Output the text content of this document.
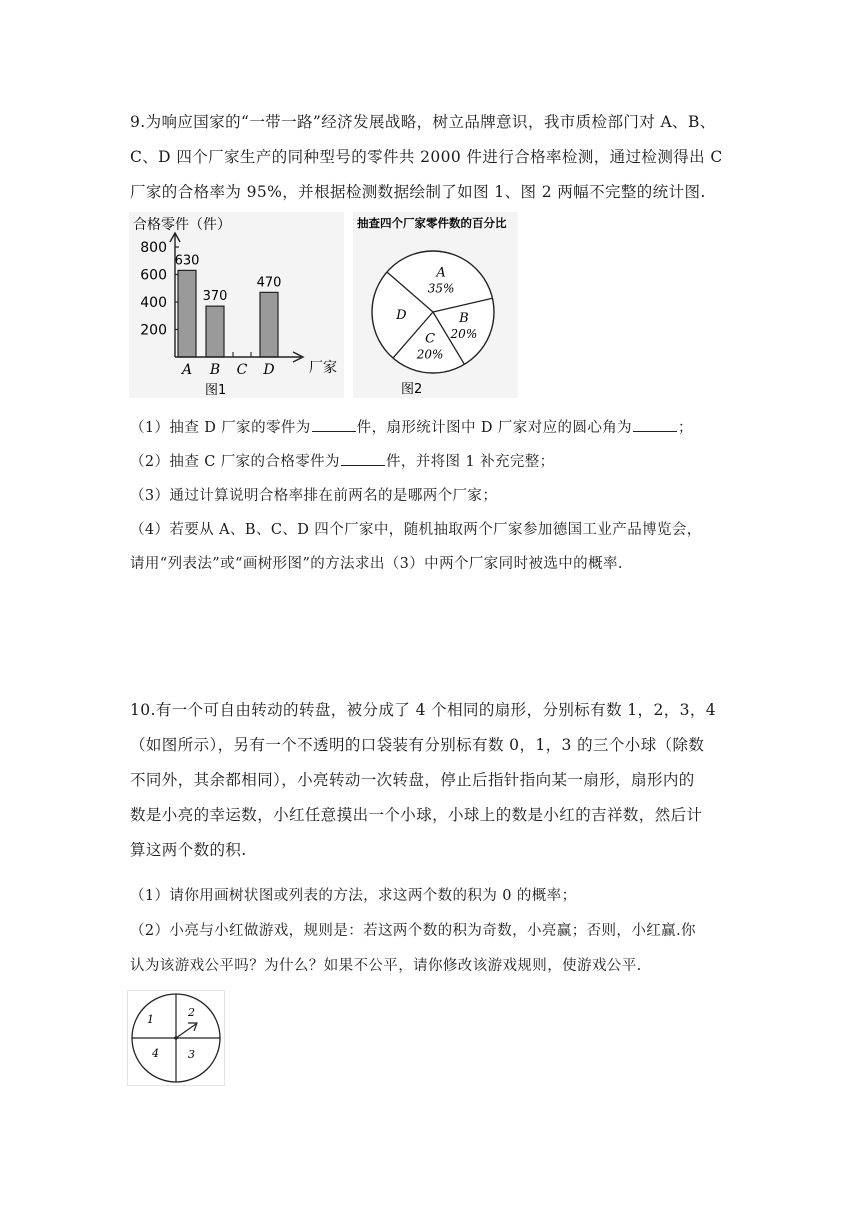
9.为响应国家的“一带一路”经济发展战略，树立品牌意识，我市质检部门对 A、B、
C、D 四个厂家生产的同种型号的零件共 2000 件进行合格率检测，通过检测得出 C
厂家的合格率为 95%，并根据检测数据绘制了如图 1、图 2 两幅不完整的统计图.
合格零件（件）
200
400
600
800
630
A
370
B C
470
D 厂家
图1
抽查四个厂家零件数的百分比
A
35%
B
20%
C
20%
D
图2
（1）抽查 D 厂家的零件为	件，扇形统计图中 D 厂家对应的圆心角为	；
（2）抽查 C 厂家的合格零件为	件，并将图 1 补充完整；
（3）通过计算说明合格率排在前两名的是哪两个厂家；
（4）若要从 A、B、C、D 四个厂家中，随机抽取两个厂家参加德国工业产品博览会，
请用“列表法”或“画树形图”的方法求出（3）中两个厂家同时被选中的概率.
10.有一个可自由转动的转盘，被分成了 4 个相同的扇形，分别标有数 1，2，3，4
（如图所示），另有一个不透明的口袋装有分别标有数 0，1，3 的三个小球（除数
不同外，其余都相同），小亮转动一次转盘，停止后指针指向某一扇形，扇形内的
数是小亮的幸运数，小红任意摸出一个小球，小球上的数是小红的吉祥数，然后计
算这两个数的积.
（1）请你用画树状图或列表的方法，求这两个数的积为 0 的概率；
（2）小亮与小红做游戏，规则是：若这两个数的积为奇数，小亮赢；否则，小红赢.你
认为该游戏公平吗？为什么？如果不公平，请你修改该游戏规则，使游戏公平.
1
2
3
4
